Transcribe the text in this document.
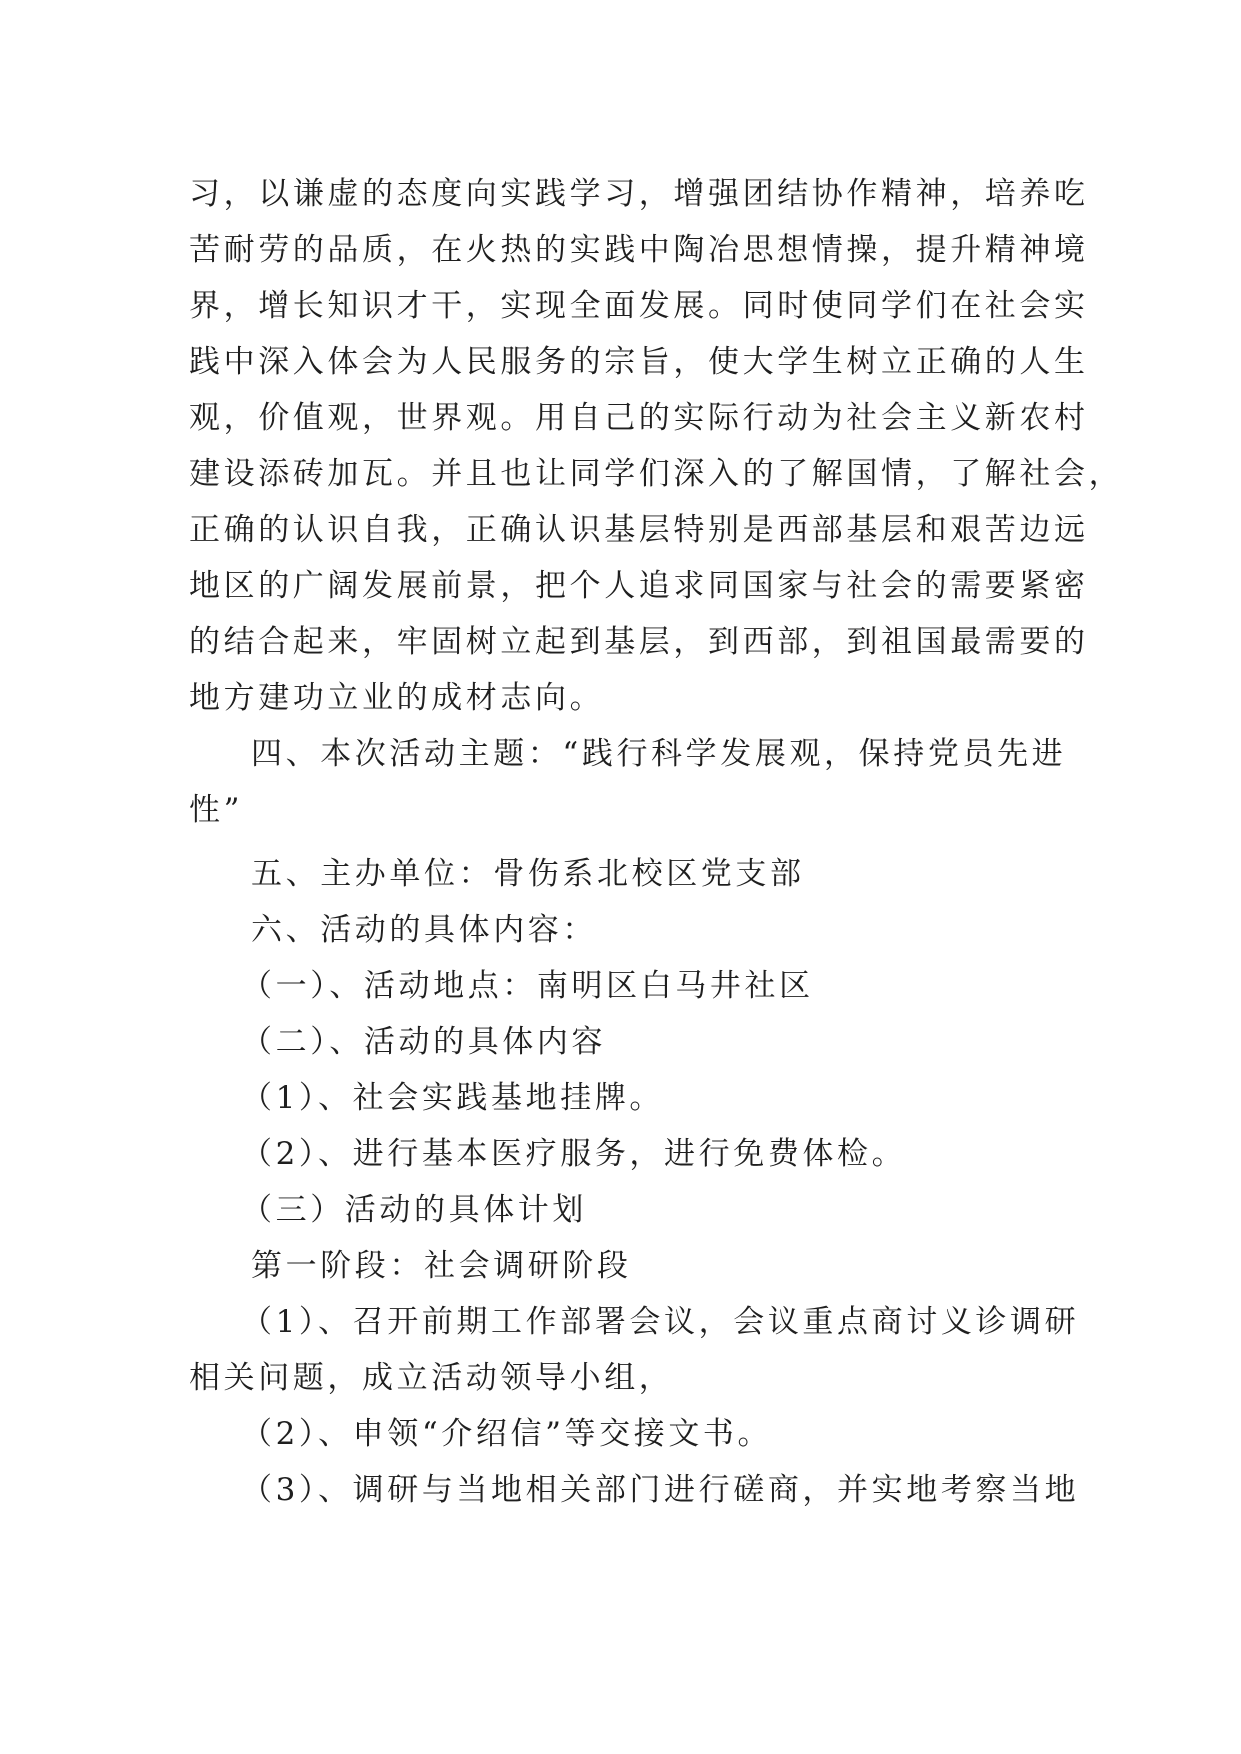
习，以谦虚的态度向实践学习，增强团结协作精神，培养吃
苦耐劳的品质，在火热的实践中陶冶思想情操，提升精神境
界，增长知识才干，实现全面发展。同时使同学们在社会实
践中深入体会为人民服务的宗旨，使大学生树立正确的人生
观，价值观，世界观。用自己的实际行动为社会主义新农村
建设添砖加瓦。并且也让同学们深入的了解国情，了解社会，
正确的认识自我，正确认识基层特别是西部基层和艰苦边远
地区的广阔发展前景，把个人追求同国家与社会的需要紧密
的结合起来，牢固树立起到基层，到西部，到祖国最需要的
地方建功立业的成材志向。
四、本次活动主题：“践行科学发展观，保持党员先进
性”
五、主办单位：骨伤系北校区党支部
六、活动的具体内容：
（一）、活动地点：南明区白马井社区
（二）、活动的具体内容
（1）、社会实践基地挂牌。
（2）、进行基本医疗服务，进行免费体检。
（三）活动的具体计划
第一阶段：社会调研阶段
（1）、召开前期工作部署会议，会议重点商讨义诊调研
相关问题，成立活动领导小组，
（2）、申领“介绍信”等交接文书。
（3）、调研与当地相关部门进行磋商，并实地考察当地
